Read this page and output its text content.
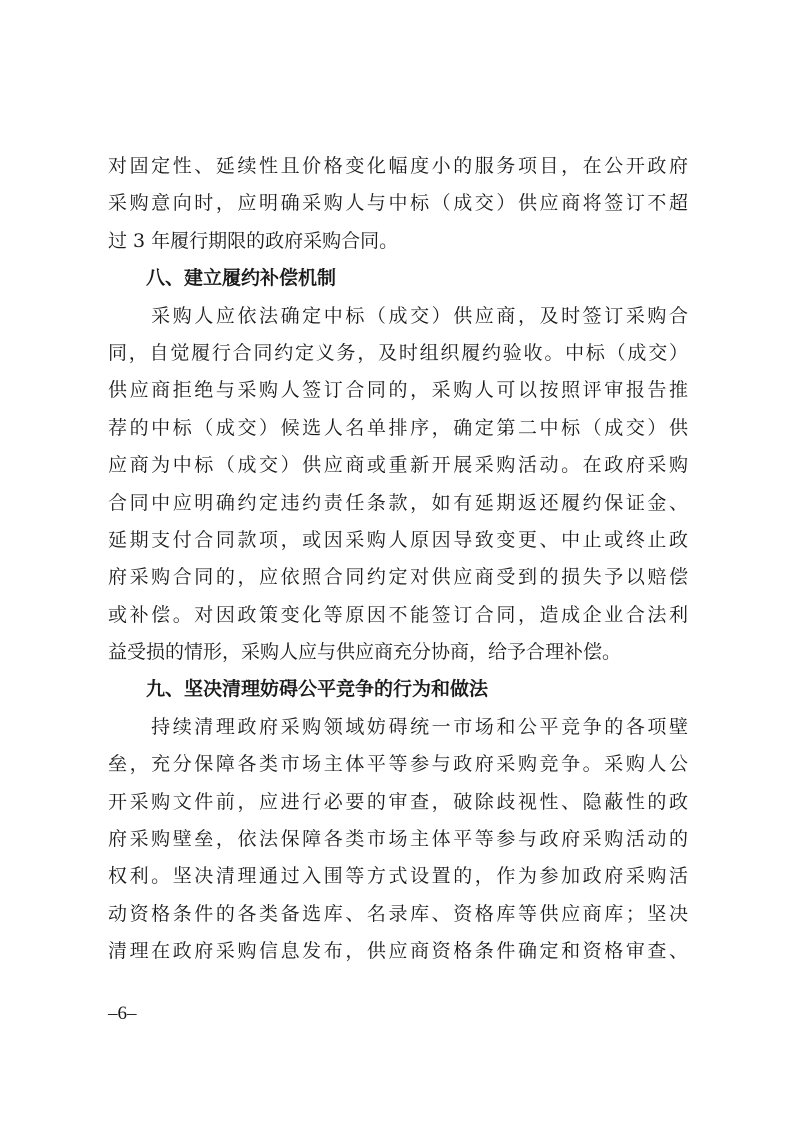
对固定性、延续性且价格变化幅度小的服务项目，在公开政府
采购意向时，应明确采购人与中标（成交）供应商将签订不超
过 3 年履行期限的政府采购合同。
八、建立履约补偿机制
　　采购人应依法确定中标（成交）供应商，及时签订采购合
同，自觉履行合同约定义务，及时组织履约验收。中标（成交）
供应商拒绝与采购人签订合同的，采购人可以按照评审报告推
荐的中标（成交）候选人名单排序，确定第二中标（成交）供
应商为中标（成交）供应商或重新开展采购活动。在政府采购
合同中应明确约定违约责任条款，如有延期返还履约保证金、
延期支付合同款项，或因采购人原因导致变更、中止或终止政
府采购合同的，应依照合同约定对供应商受到的损失予以赔偿
或补偿。对因政策变化等原因不能签订合同，造成企业合法利
益受损的情形，采购人应与供应商充分协商，给予合理补偿。
九、坚决清理妨碍公平竞争的行为和做法
　　持续清理政府采购领域妨碍统一市场和公平竞争的各项壁
垒，充分保障各类市场主体平等参与政府采购竞争。采购人公
开采购文件前，应进行必要的审查，破除歧视性、隐蔽性的政
府采购壁垒，依法保障各类市场主体平等参与政府采购活动的
权利。坚决清理通过入围等方式设置的，作为参加政府采购活
动资格条件的各类备选库、名录库、资格库等供应商库；坚决
清理在政府采购信息发布，供应商资格条件确定和资格审查、
–6–
